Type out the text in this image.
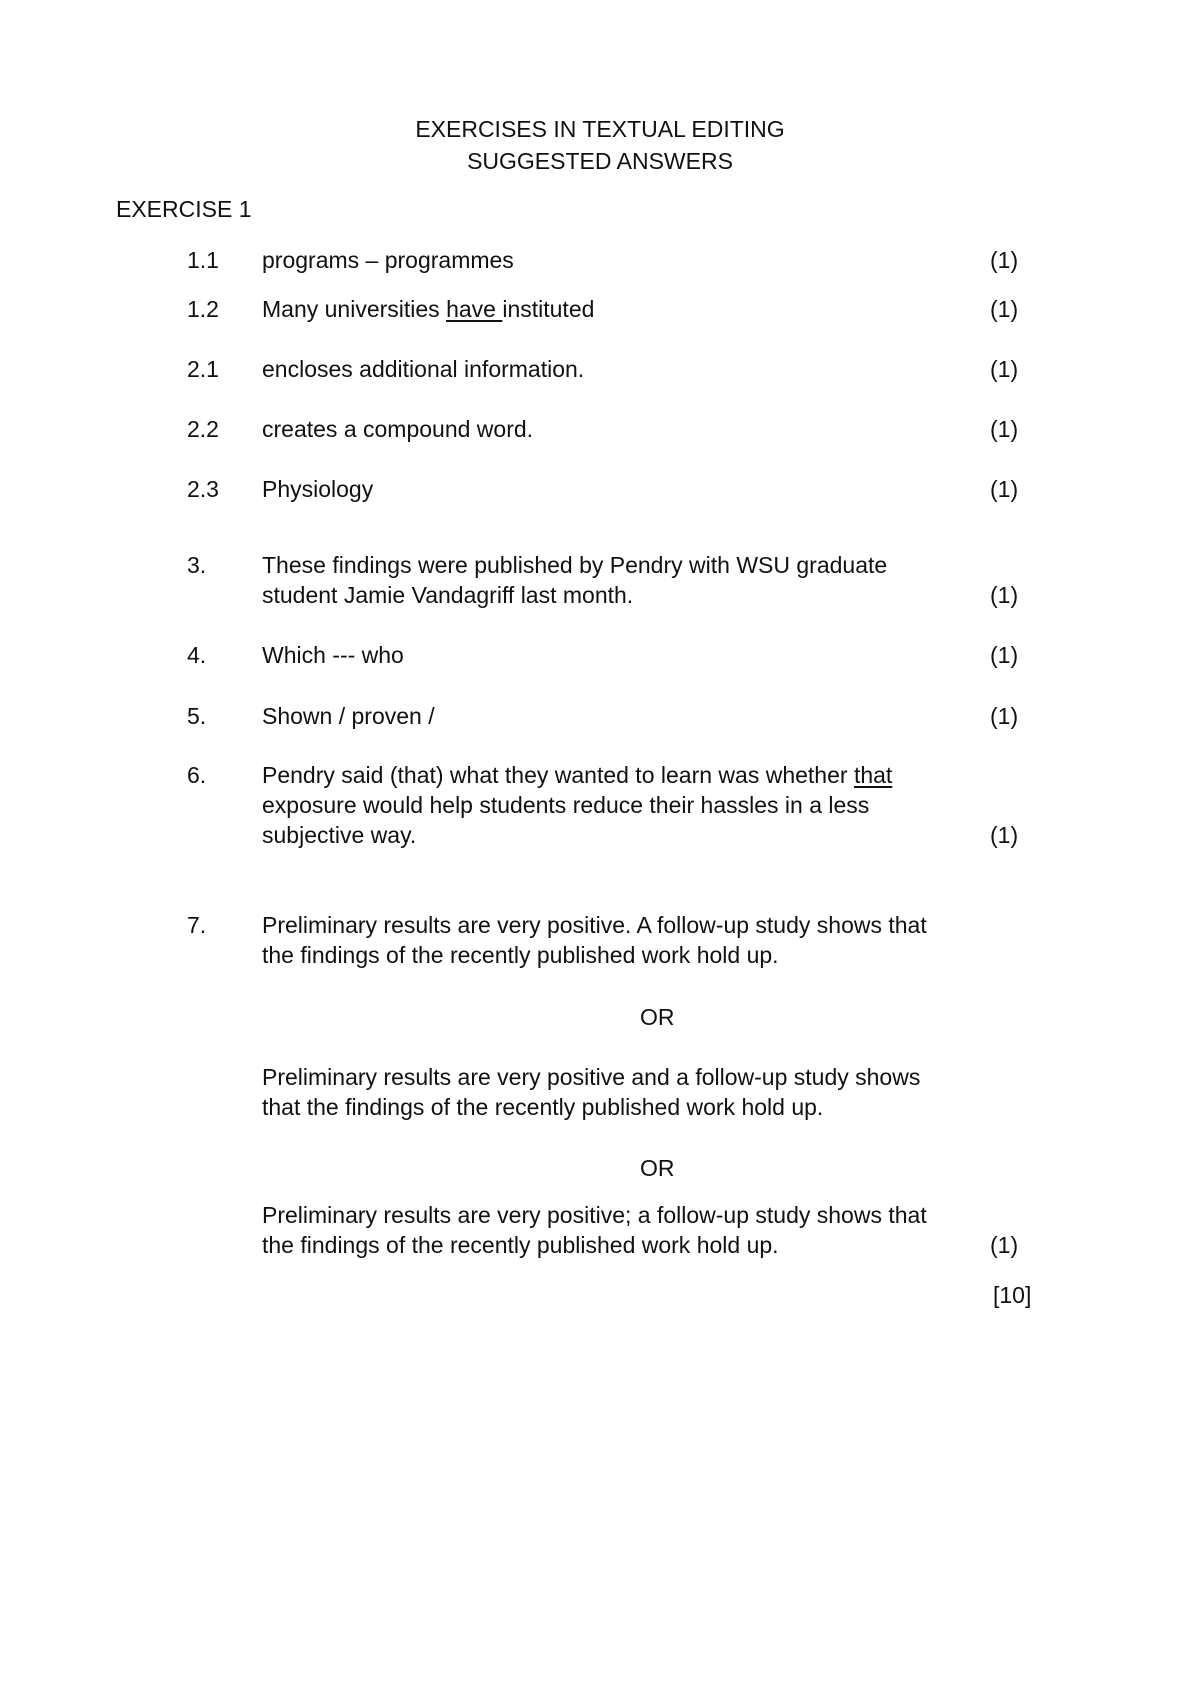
EXERCISES IN TEXTUAL EDITING
SUGGESTED ANSWERS
EXERCISE 1
1.1 programs – programmes	(1)
1.2 Many universities have instituted	(1)
2.1 encloses additional information.	(1)
2.2 creates a compound word.	(1)
2.3 Physiology	(1)
3. These findings were published by Pendry with WSU graduate
student Jamie Vandagriff last month.	(1)
4. Which --- who	(1)
5. Shown / proven /	(1)
6. Pendry said (that) what they wanted to learn was whether that
exposure would help students reduce their hassles in a less
subjective way.	(1)
7. Preliminary results are very positive. A follow-up study shows that
the findings of the recently published work hold up.
OR
Preliminary results are very positive and a follow-up study shows
that the findings of the recently published work hold up.
OR
Preliminary results are very positive; a follow-up study shows that
the findings of the recently published work hold up.	(1)
[10]
